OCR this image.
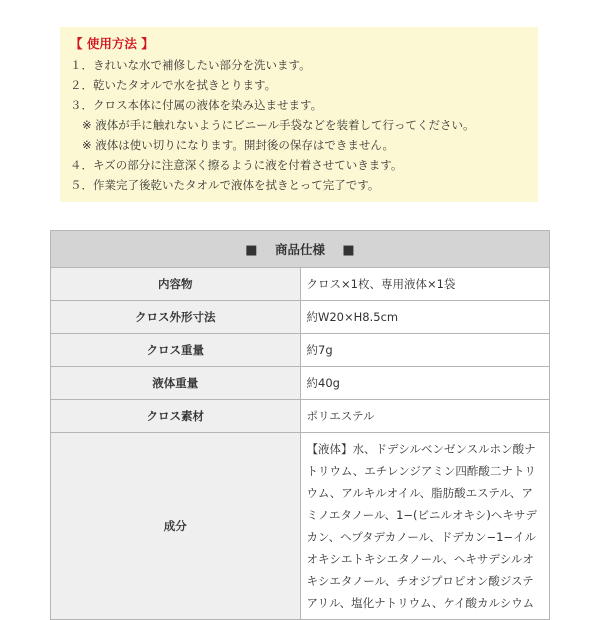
【 使用方法 】
１．きれいな水で補修したい部分を洗います。
２．乾いたタオルで水を拭きとります。
３．クロス本体に付属の液体を染み込ませます。
※ 液体が手に触れないようにビニール手袋などを装着して行ってください。
※ 液体は使い切りになります。開封後の保存はできません。
４．キズの部分に注意深く擦るように液を付着させていきます。
５．作業完了後乾いたタオルで液体を拭きとって完了です。
■ 商品仕様 ■	
内容物	クロス×1枚、専用液体×1袋
クロス外形寸法	約W20×H8.5cm
クロス重量	約7g
液体重量	約40g
クロス素材	ポリエステル
成分	【液体】水、ドデシルベンゼンスルホン酸ナトリウム、エチレンジアミン四酢酸二ナトリウム、アルキルオイル、脂肪酸エステル、アミノエタノール、1−(ビニルオキシ)ヘキサデカン、ヘプタデカノール、ドデカン−1−イルオキシエトキシエタノール、ヘキサデシルオキシエタノール、チオジプロピオン酸ジステアリル、塩化ナトリウム、ケイ酸カルシウム
